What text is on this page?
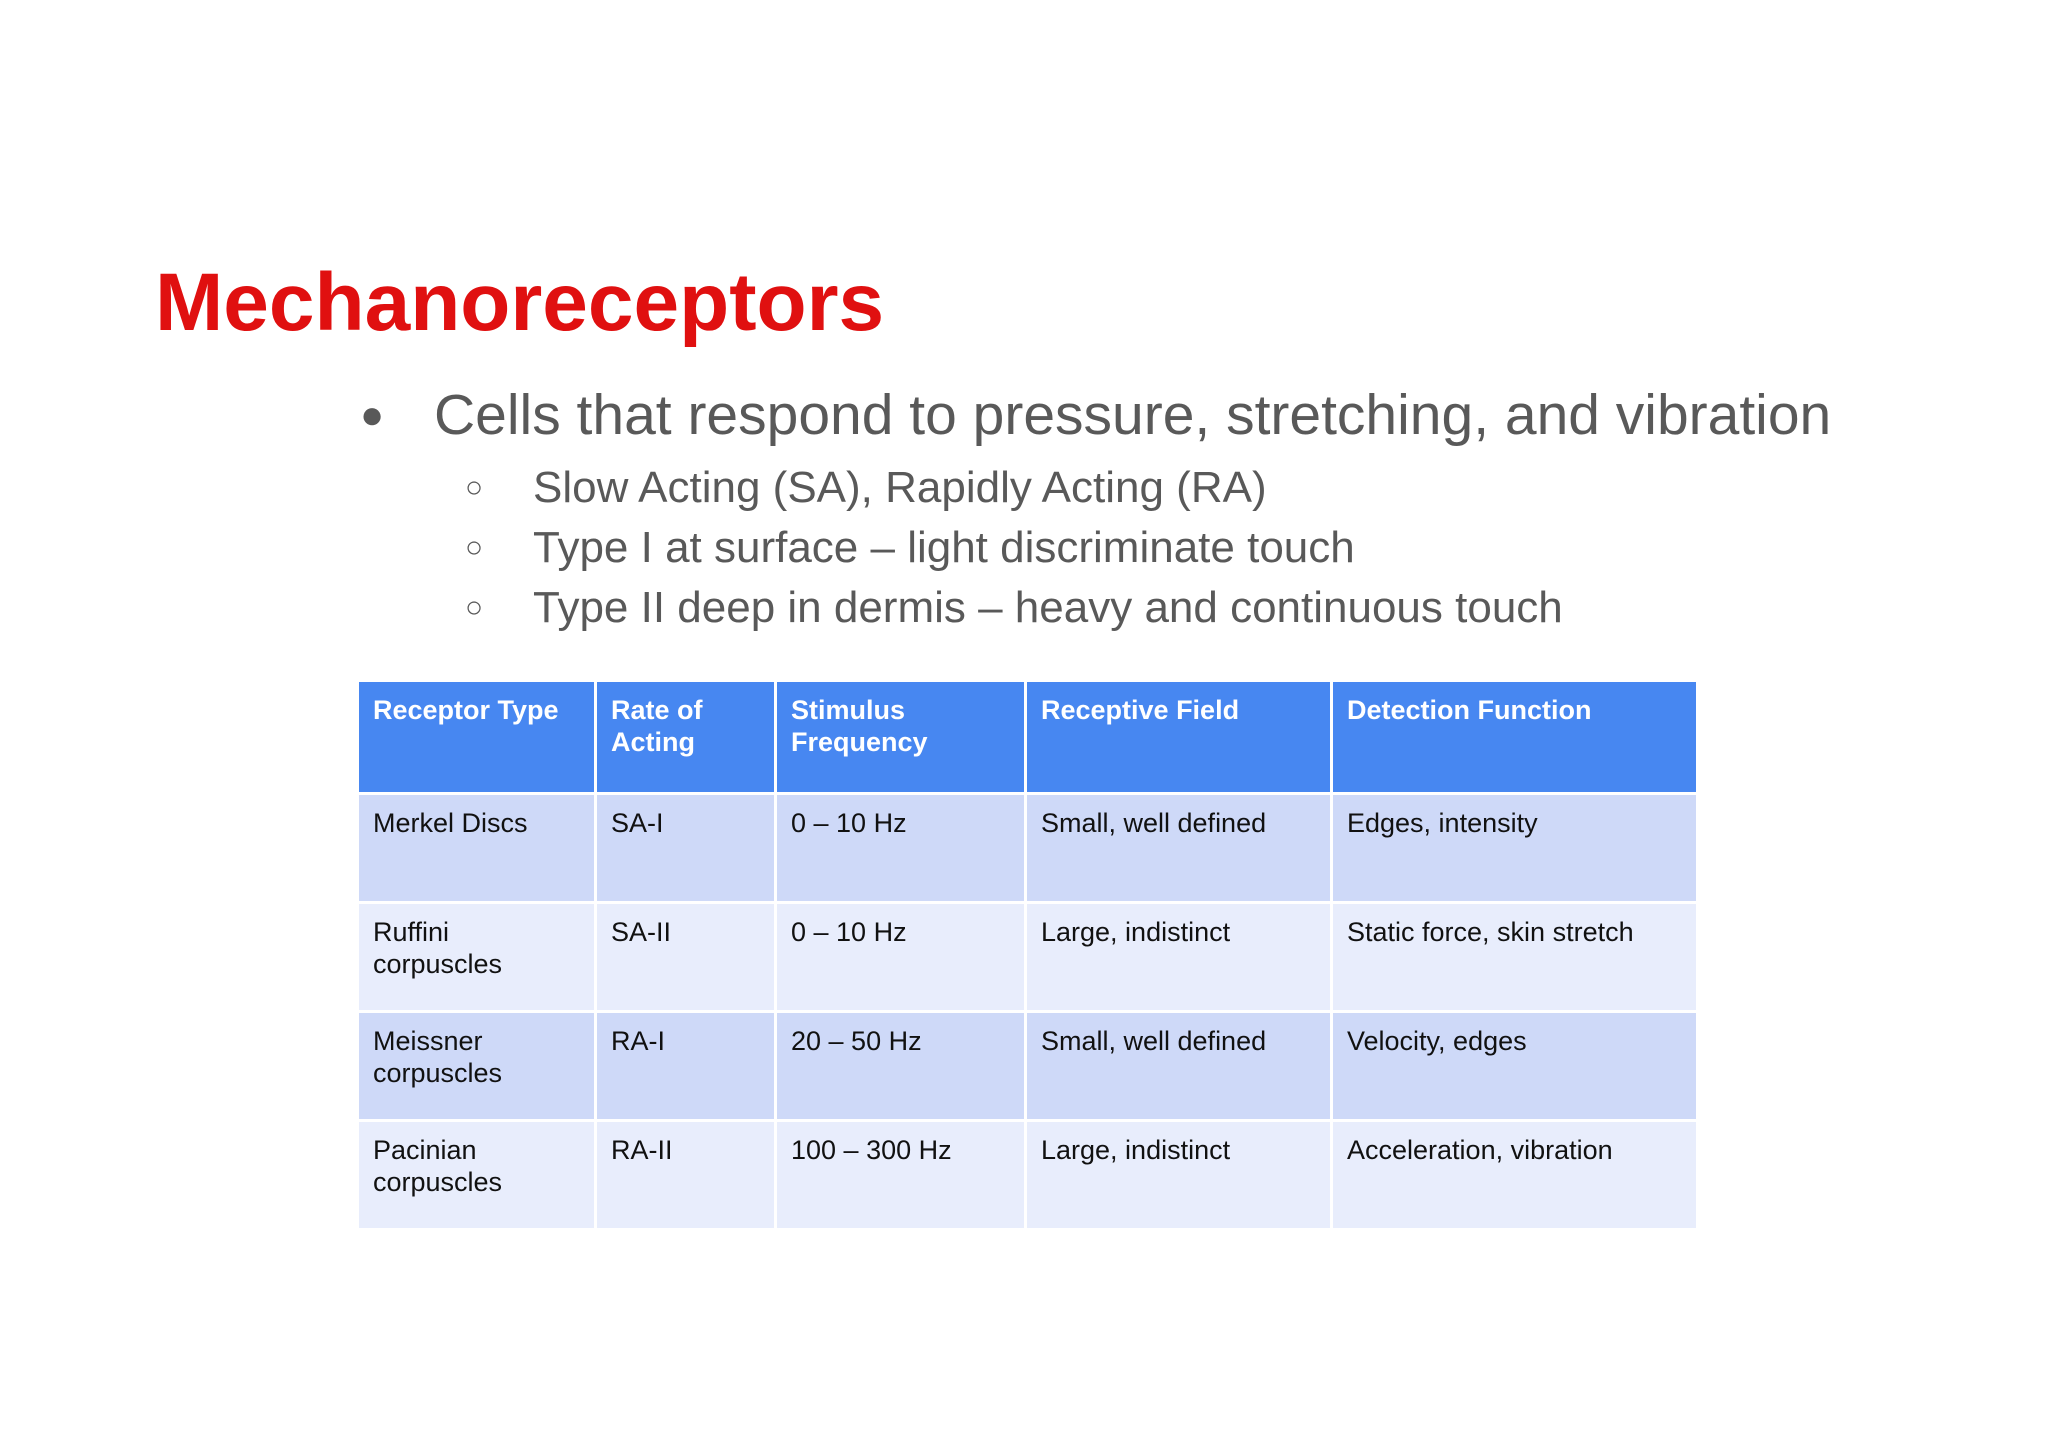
Mechanoreceptors
● Cells that respond to pressure, stretching, and vibration
○ Slow Acting (SA), Rapidly Acting (RA)
○ Type I at surface – light discriminate touch
○ Type II deep in dermis – heavy and continuous touch
Receptor Type	Rate of Acting	Stimulus Frequency	Receptive Field	Detection Function
Merkel Discs	SA-I	0 – 10 Hz	Small, well defined	Edges, intensity
Ruffini corpuscles	SA-II	0 – 10 Hz	Large, indistinct	Static force, skin stretch
Meissner corpuscles	RA-I	20 – 50 Hz	Small, well defined	Velocity, edges
Pacinian corpuscles	RA-II	100 – 300 Hz	Large, indistinct	Acceleration, vibration
